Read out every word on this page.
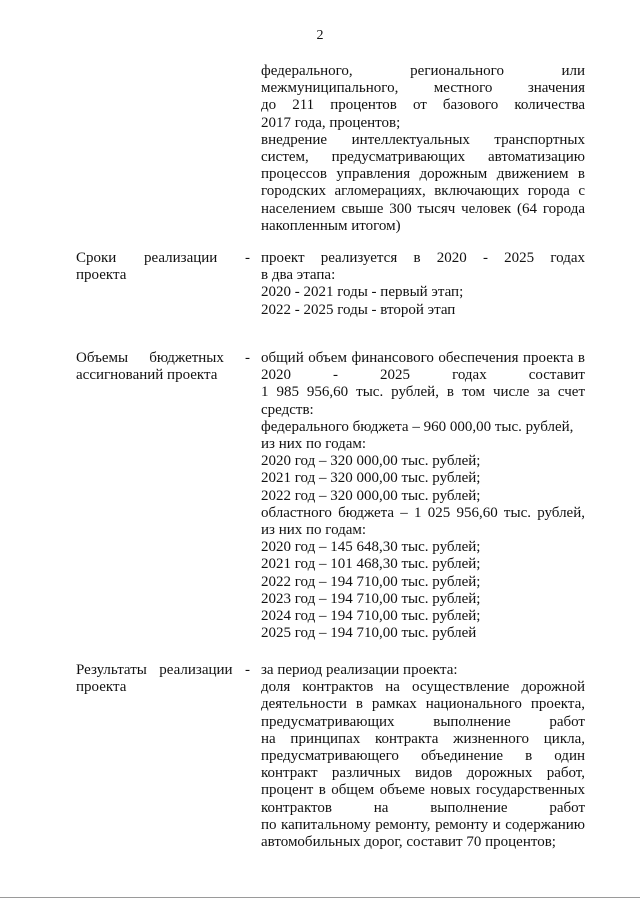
2
федерального, регионального или
межмуниципального, местного значения
до 211 процентов от базового количества
2017 года, процентов;
внедрение интеллектуальных транспортных
систем, предусматривающих автоматизацию
процессов управления дорожным движением в
городских агломерациях, включающих города с
населением свыше 300 тысяч человек (64 города
накопленным итогом)
Сроки реализации -
проекта
проект реализуется в 2020 - 2025 годах
в два этапа:
2020 - 2021 годы - первый этап;
2022 - 2025 годы - второй этап
Объемы бюджетных -
ассигнований проекта
общий объем финансового обеспечения проекта в
2020 - 2025 годах составит
1 985 956,60 тыс. рублей, в том числе за счет
средств:
федерального бюджета – 960 000,00 тыс. рублей,
из них по годам:
2020 год – 320 000,00 тыс. рублей;
2021 год – 320 000,00 тыс. рублей;
2022 год – 320 000,00 тыс. рублей;
областного бюджета – 1 025 956,60 тыс. рублей,
из них по годам:
2020 год – 145 648,30 тыс. рублей;
2021 год – 101 468,30 тыс. рублей;
2022 год – 194 710,00 тыс. рублей;
2023 год – 194 710,00 тыс. рублей;
2024 год – 194 710,00 тыс. рублей;
2025 год – 194 710,00 тыс. рублей
Результаты реализации -
проекта
за период реализации проекта:
доля контрактов на осуществление дорожной
деятельности в рамках национального проекта,
предусматривающих выполнение работ
на принципах контракта жизненного цикла,
предусматривающего объединение в один
контракт различных видов дорожных работ,
процент в общем объеме новых государственных
контрактов на выполнение работ
по капитальному ремонту, ремонту и содержанию
автомобильных дорог, составит 70 процентов;
